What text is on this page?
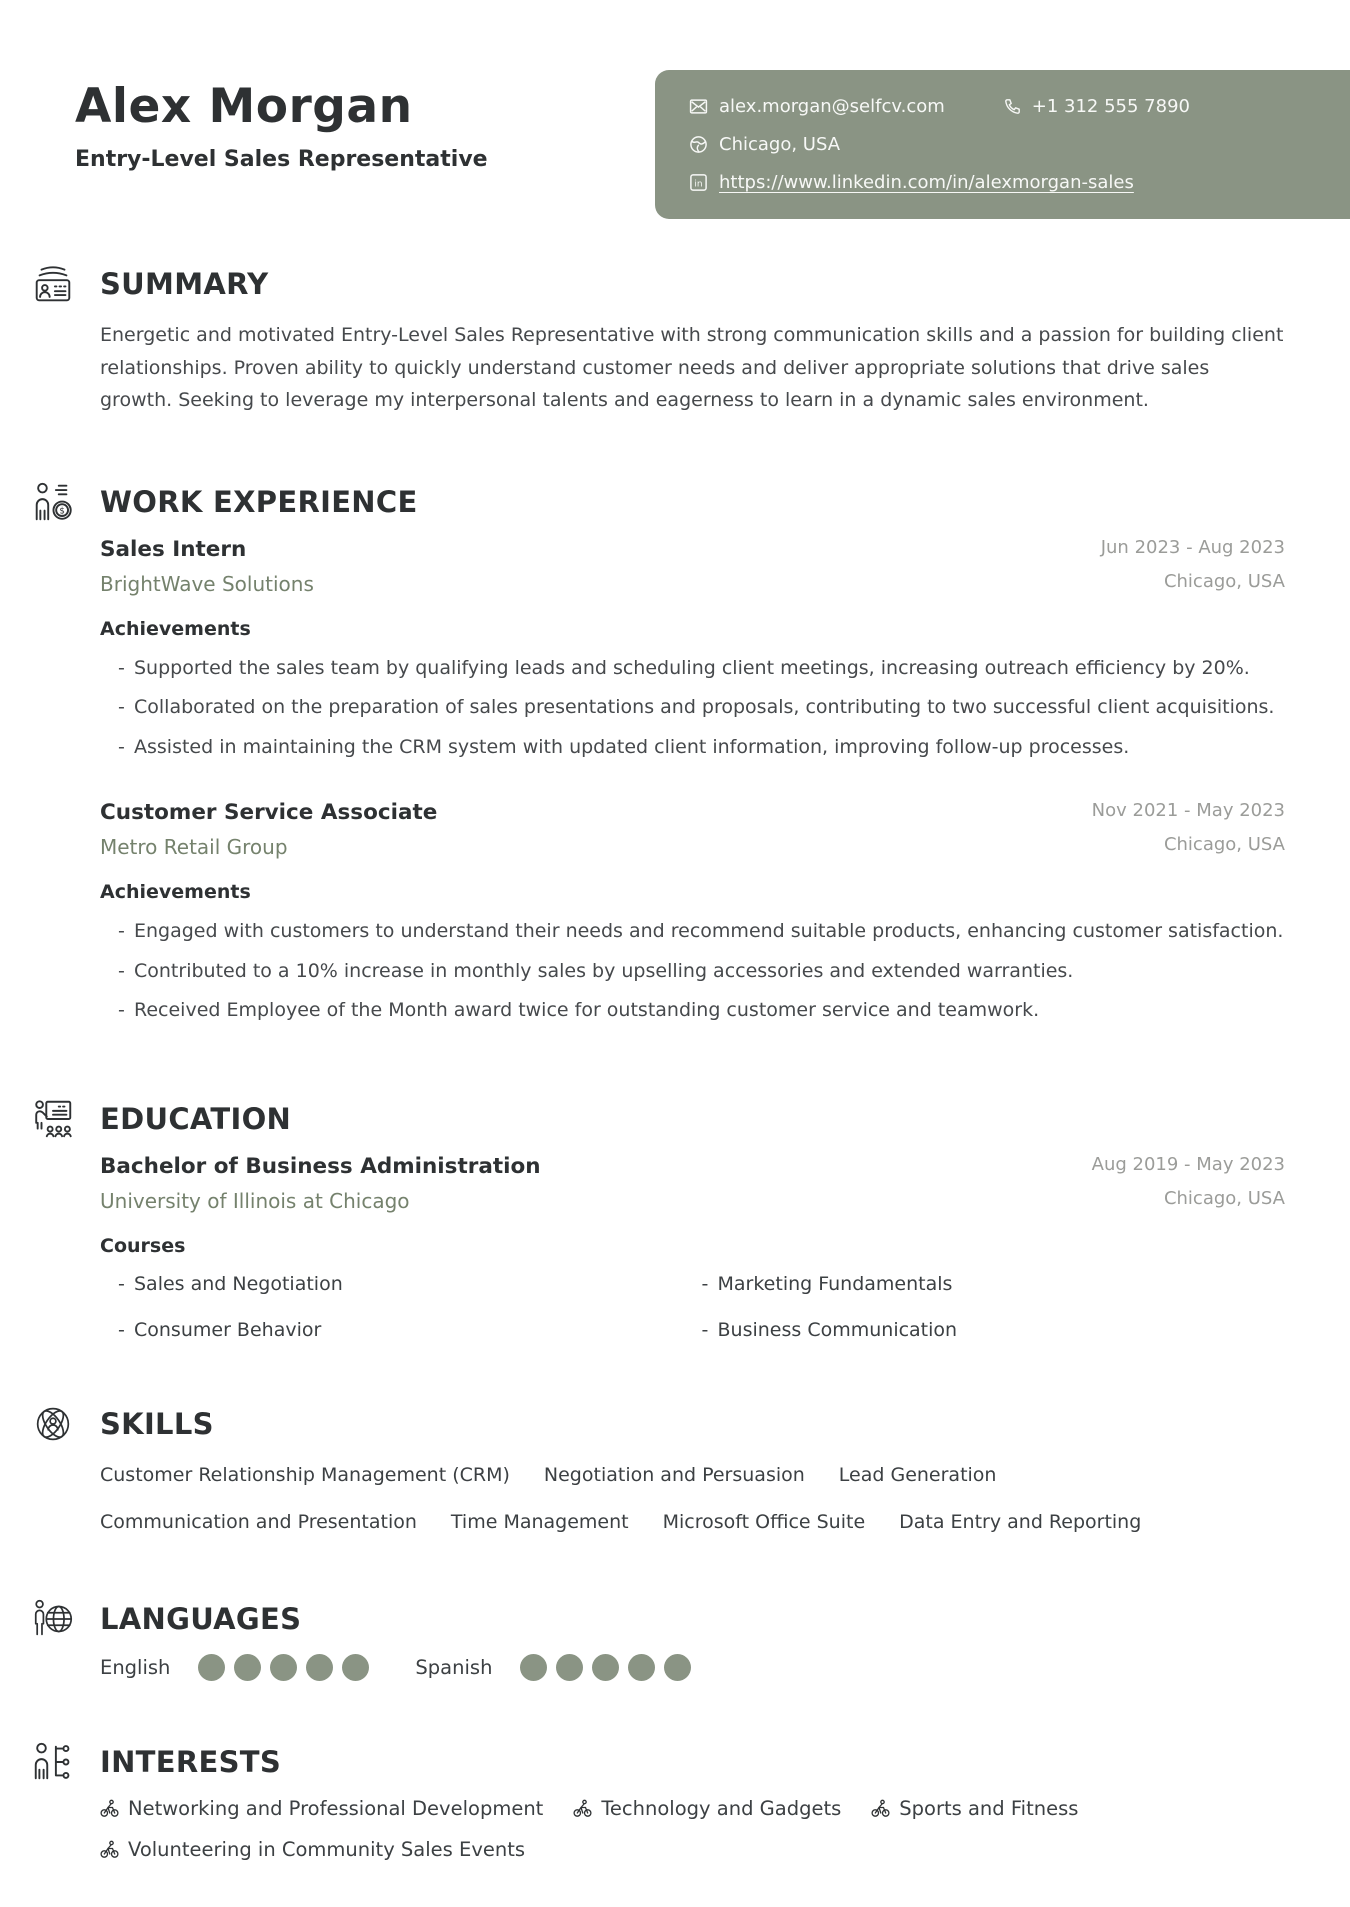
Alex Morgan
Entry-Level Sales Representative
alex.morgan@selfcv.com	+1 312 555 7890
Chicago, USA
in https://www.linkedin.com/in/alexmorgan-sales
SUMMARY

Energetic and motivated Entry-Level Sales Representative with strong communication skills and a passion for building client relationships. Proven ability to quickly understand customer needs and deliver appropriate solutions that drive sales growth. Seeking to leverage my interpersonal talents and eagerness to learn in a dynamic sales environment.

$ WORK EXPERIENCE
Sales Intern
BrightWave Solutions
Jun 2023 - Aug 2023
Chicago, USA
Achievements
- Supported the sales team by qualifying leads and scheduling client meetings, increasing outreach efficiency by 20%.
- Collaborated on the preparation of sales presentations and proposals, contributing to two successful client acquisitions.
- Assisted in maintaining the CRM system with updated client information, improving follow-up processes.
Customer Service Associate
Metro Retail Group
Nov 2021 - May 2023
Chicago, USA
Achievements
- Engaged with customers to understand their needs and recommend suitable products, enhancing customer satisfaction.
- Contributed to a 10% increase in monthly sales by upselling accessories and extended warranties.
- Received Employee of the Month award twice for outstanding customer service and teamwork.
EDUCATION
Bachelor of Business Administration
University of Illinois at Chicago
Aug 2019 - May 2023
Chicago, USA
Courses
- Sales and Negotiation	- Marketing Fundamentals
- Consumer Behavior	- Business Communication
SKILLS
Customer Relationship Management (CRM) Negotiation and Persuasion Lead Generation
Communication and Presentation Time Management Microsoft Office Suite Data Entry and Reporting
LANGUAGES
English	Spanish
INTERESTS
Networking and Professional Development	Technology and Gadgets	Sports and Fitness
Volunteering in Community Sales Events
